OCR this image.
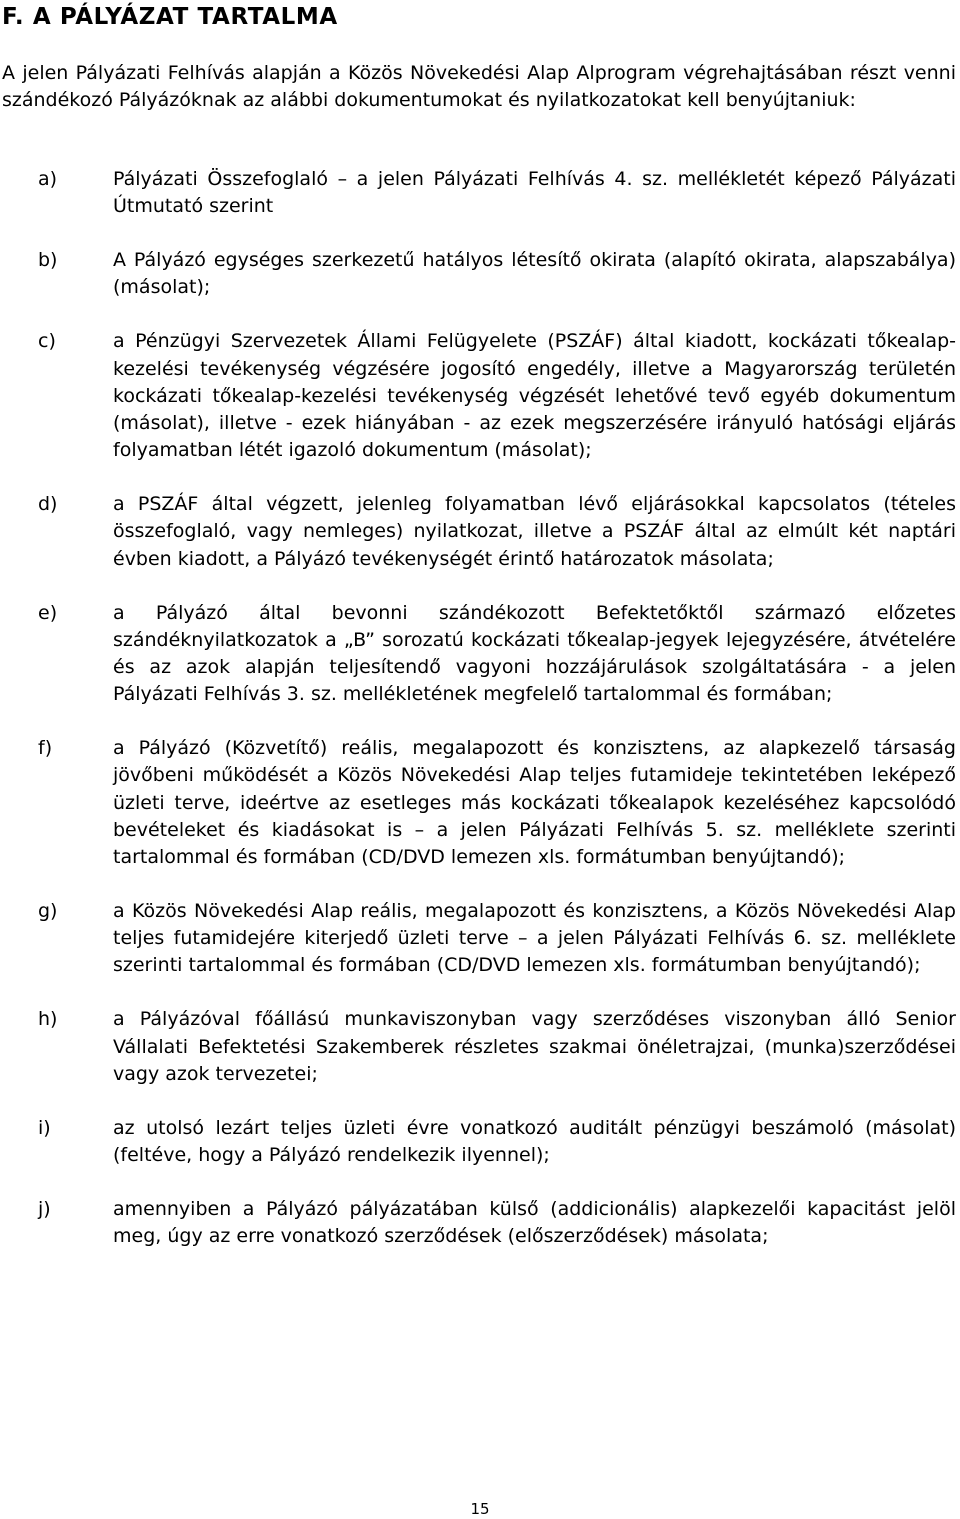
F. A PÁLYÁZAT TARTALMA

A jelen Pályázati Felhívás alapján a Közös Növekedési Alap Alprogram végrehajtásában részt venni szándékozó Pályázóknak az alábbi dokumentumokat és nyilatkozatokat kell benyújtaniuk:

a)	Pályázati Összefoglaló – a jelen Pályázati Felhívás 4. sz. mellékletét képező Pályázati Útmutató szerint
b)	A Pályázó egységes szerkezetű hatályos létesítő okirata (alapító okirata, alapszabálya) (másolat);
c)	a Pénzügyi Szervezetek Állami Felügyelete (PSZÁF) által kiadott, kockázati tőkealap-kezelési tevékenység végzésére jogosító engedély, illetve a Magyarország területén kockázati tőkealap-kezelési tevékenység végzését lehetővé tevő egyéb dokumentum (másolat), illetve - ezek hiányában - az ezek megszerzésére irányuló hatósági eljárás folyamatban létét igazoló dokumentum (másolat);
d)	a PSZÁF által végzett, jelenleg folyamatban lévő eljárásokkal kapcsolatos (tételes összefoglaló, vagy nemleges) nyilatkozat, illetve a PSZÁF által az elmúlt két naptári évben kiadott, a Pályázó tevékenységét érintő határozatok másolata;
e)	a Pályázó által bevonni szándékozott Befektetőktől származó előzetes szándéknyilatkozatok a „B” sorozatú kockázati tőkealap-jegyek lejegyzésére, átvételére és az azok alapján teljesítendő vagyoni hozzájárulások szolgáltatására - a jelen Pályázati Felhívás 3. sz. mellékletének megfelelő tartalommal és formában;
f)	a Pályázó (Közvetítő) reális, megalapozott és konzisztens, az alapkezelő társaság jövőbeni működését a Közös Növekedési Alap teljes futamideje tekintetében leképező üzleti terve, ideértve az esetleges más kockázati tőkealapok kezeléséhez kapcsolódó bevételeket és kiadásokat is – a jelen Pályázati Felhívás 5. sz. melléklete szerinti tartalommal és formában (CD/DVD lemezen xls. formátumban benyújtandó);
g)	a Közös Növekedési Alap reális, megalapozott és konzisztens, a Közös Növekedési Alap teljes futamidejére kiterjedő üzleti terve – a jelen Pályázati Felhívás 6. sz. melléklete szerinti tartalommal és formában (CD/DVD lemezen xls. formátumban benyújtandó);
h)	a Pályázóval főállású munkaviszonyban vagy szerződéses viszonyban álló Senior Vállalati Befektetési Szakemberek részletes szakmai önéletrajzai, (munka)szerződései vagy azok tervezetei;
i)	az utolsó lezárt teljes üzleti évre vonatkozó auditált pénzügyi beszámoló (másolat) (feltéve, hogy a Pályázó rendelkezik ilyennel);
j)	amennyiben a Pályázó pályázatában külső (addicionális) alapkezelői kapacitást jelöl meg, úgy az erre vonatkozó szerződések (előszerződések) másolata;
15
